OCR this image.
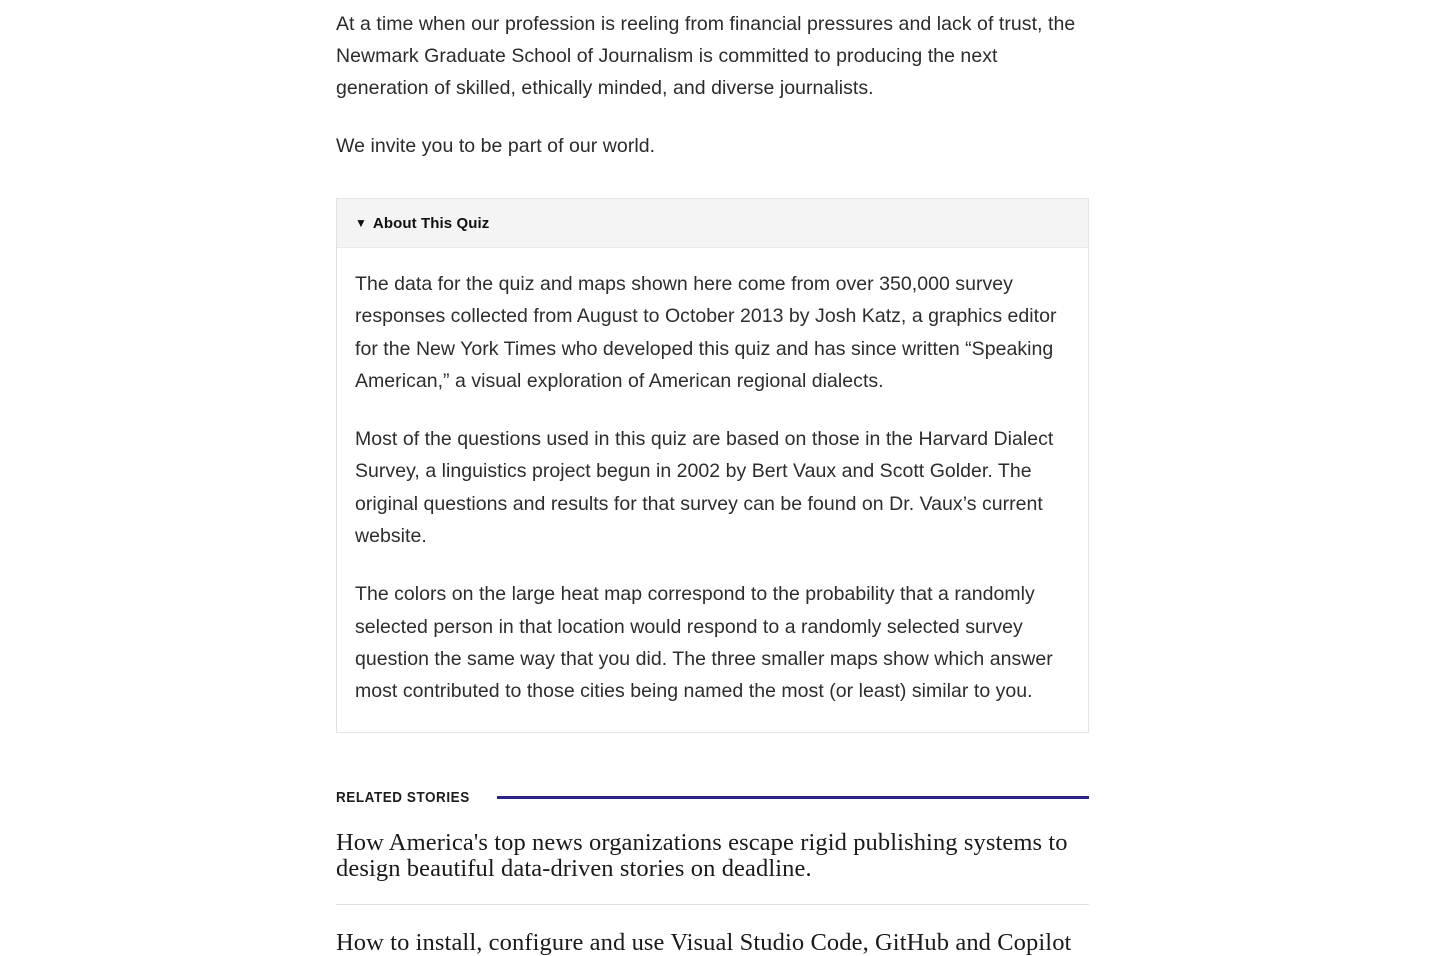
At a time when our profession is reeling from financial pressures and lack of trust, the Newmark Graduate School of Journalism is committed to producing the next generation of skilled, ethically minded, and diverse journalists.

We invite you to be part of our world.

▼ About This Quiz

The data for the quiz and maps shown here come from over 350,000 survey responses collected from August to October 2013 by Josh Katz, a graphics editor for the New York Times who developed this quiz and has since written “Speaking American,” a visual exploration of American regional dialects.

Most of the questions used in this quiz are based on those in the Harvard Dialect Survey, a linguistics project begun in 2002 by Bert Vaux and Scott Golder. The original questions and results for that survey can be found on Dr. Vaux’s current website.

The colors on the large heat map correspond to the probability that a randomly selected person in that location would respond to a randomly selected survey question the same way that you did. The three smaller maps show which answer most contributed to those cities being named the most (or least) similar to you.

RELATED STORIES
How America's top news organizations escape rigid publishing systems to design beautiful data-driven stories on deadline.
How to install, configure and use Visual Studio Code, GitHub and Copilot
